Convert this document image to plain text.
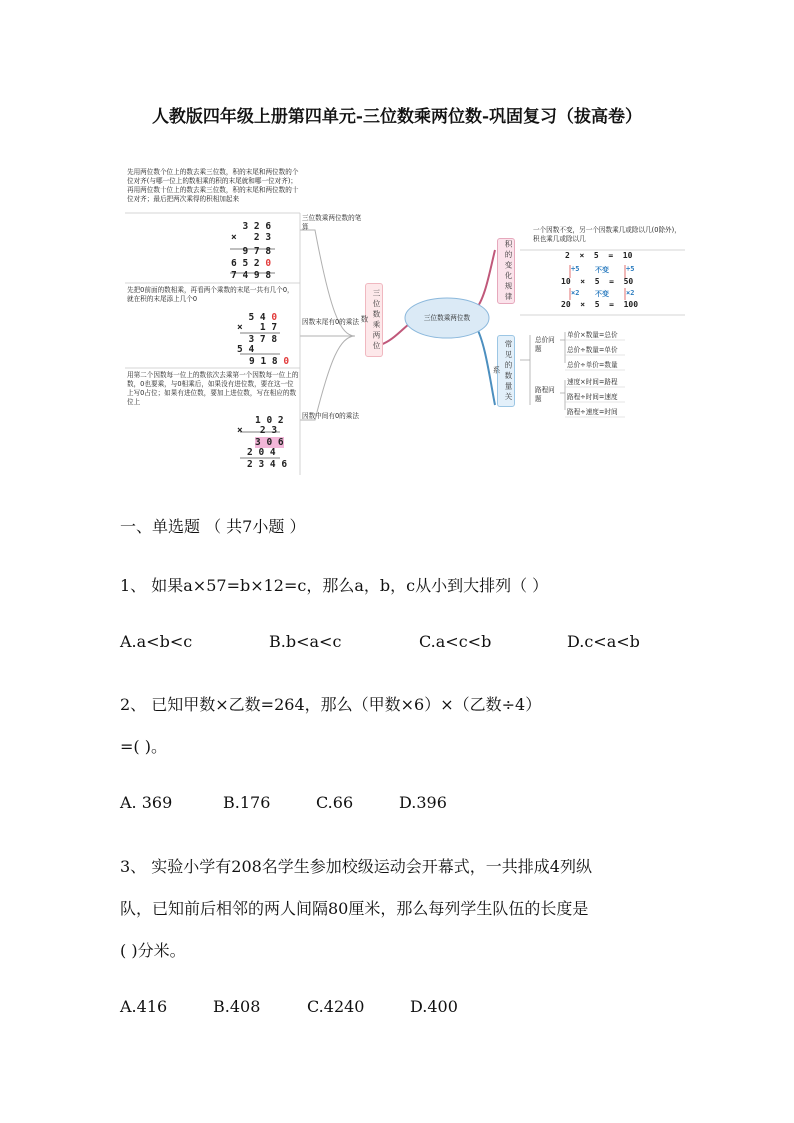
人教版四年级上册第四单元-三位数乘两位数-巩固复习（拔高卷）
先用两位数个位上的数去乘三位数，积的末尾和两位数的个位对齐(与哪一位上的数相乘的积的末尾就和哪一位对齐)；再用两位数十位上的数去乘三位数，积的末尾和两位数的十位对齐；最后把两次乘得的积相加起来
3 2 6
×   2 3
9 7 8
6 5 2 0
7 4 9 8
三位数乘两位数的笔算
先把0前面的数相乘，再看两个乘数的末尾一共有几个0，就在积的末尾添上几个0
5 4 0
×   1 7
3 7 8
5 4
9 1 8 0
因数末尾有0的乘法
用第二个因数每一位上的数依次去乘第一个因数每一位上的数，0也要乘，与0相乘后，如果没有进位数，要在这一位上写0占位；如果有进位数，要加上进位数，写在相应的数位上
1 0 2
×   2 3
3 0 6
2 0 4
2 3 4 6
因数中间有0的乘法
三位数乘两位数	三位数乘两位数
积的变化规律
一个因数不变，另一个因数乘几或除以几(0除外)，积也乘几或除以几
2  ×  5  =  10
10  ×  5  =  50
20  ×  5  =  100
÷5 不变 ÷5
×2 不变 ×2
常见的数量关系
总价问题
单价×数量=总价
总价÷数量=单价
总价÷单价=数量
路程问题
速度×时间=路程
路程÷时间=速度
路程÷速度=时间
一、单选题 （ 共7小题 ）
1、 如果a×57=b×12=c，那么a，b，c从小到大排列（ ）
A.a<b<c	B.b<a<c	C.a<c<b	D.c<a<b
2、 已知甲数×乙数=264，那么（甲数×6）×（乙数÷4）
=( )。
A. 369	B.176	C.66	D.396
3、 实验小学有208名学生参加校级运动会开幕式，一共排成4列纵
队，已知前后相邻的两人间隔80厘米，那么每列学生队伍的长度是
( )分米。
A.416	B.408	C.4240	D.400
